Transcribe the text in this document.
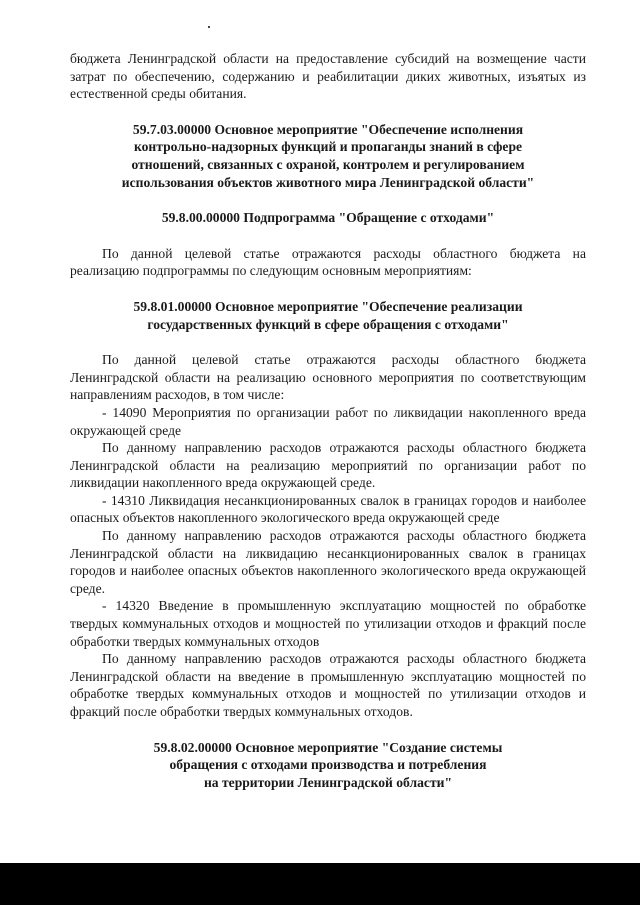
бюджета Ленинградской области на предоставление субсидий на возмещение части затрат по обеспечению, содержанию и реабилитации диких животных, изъятых из естественной среды обитания.

59.7.03.00000 Основное мероприятие "Обеспечение исполнения

контрольно-надзорных функций и пропаганды знаний в сфере

отношений, связанных с охраной, контролем и регулированием

использования объектов животного мира Ленинградской области"

59.8.00.00000 Подпрограмма "Обращение с отходами"

По данной целевой статье отражаются расходы областного бюджета на реализацию подпрограммы по следующим основным мероприятиям:

59.8.01.00000 Основное мероприятие "Обеспечение реализации

государственных функций в сфере обращения с отходами"

По данной целевой статье отражаются расходы областного бюджета Ленинградской области на реализацию основного мероприятия по соответствующим направлениям расходов, в том числе:

- 14090 Мероприятия по организации работ по ликвидации накопленного вреда окружающей среде

По данному направлению расходов отражаются расходы областного бюджета Ленинградской области на реализацию мероприятий по организации работ по ликвидации накопленного вреда окружающей среде.

- 14310 Ликвидация несанкционированных свалок в границах городов и наиболее опасных объектов накопленного экологического вреда окружающей среде

По данному направлению расходов отражаются расходы областного бюджета Ленинградской области на ликвидацию несанкционированных свалок в границах городов и наиболее опасных объектов накопленного экологического вреда окружающей среде.

- 14320 Введение в промышленную эксплуатацию мощностей по обработке твердых коммунальных отходов и мощностей по утилизации отходов и фракций после обработки твердых коммунальных отходов

По данному направлению расходов отражаются расходы областного бюджета Ленинградской области на введение в промышленную эксплуатацию мощностей по обработке твердых коммунальных отходов и мощностей по утилизации отходов и фракций после обработки твердых коммунальных отходов.

59.8.02.00000 Основное мероприятие "Создание системы

обращения с отходами производства и потребления

на территории Ленинградской области"
